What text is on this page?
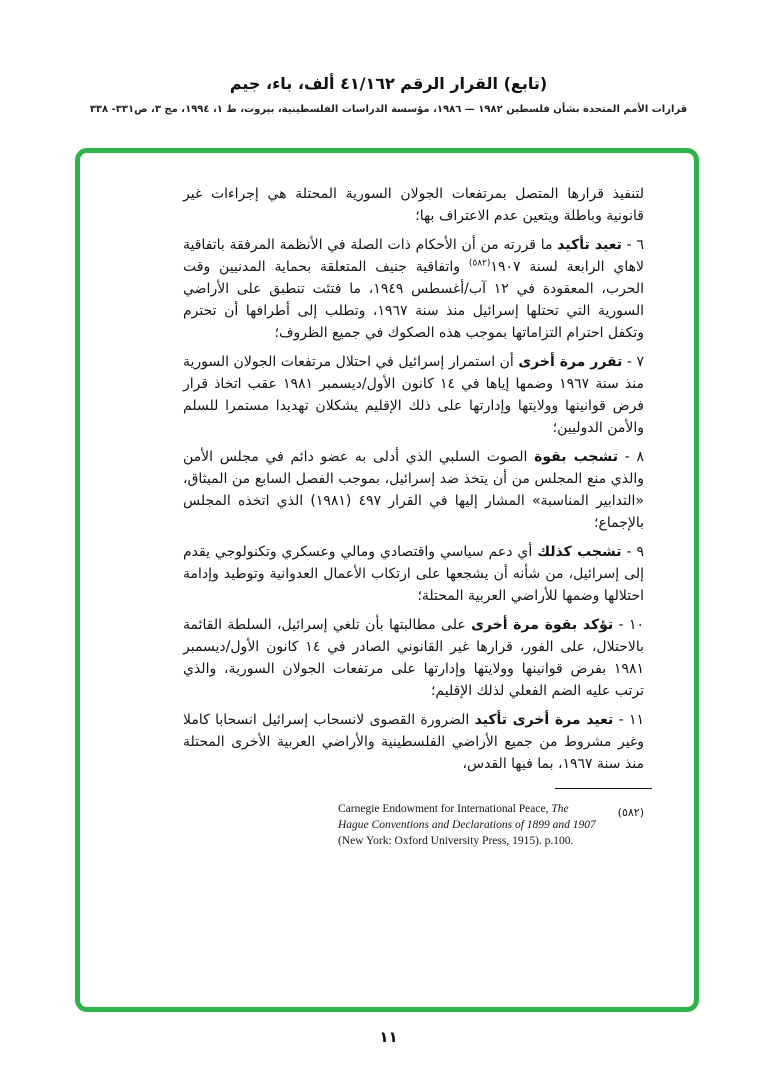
(تابع) القرار الرقم ٤١/١٦٢ ألف، باء، جيم
قرارات الأمم المتحدة بشأن فلسطين ١٩٨٢ — ١٩٨٦، مؤسسة الدراسات الفلسطينية، بيروت، ط ١، ١٩٩٤، مج ٣، ص٣٣١- ٣٣٨

لتنفيذ قرارها المتصل بمرتفعات الجولان السورية المحتلة هي إجراءات غير قانونية وباطلة ويتعين عدم الاعتراف بها؛

٦ - تعيد تأكيد ما قررته من أن الأحكام ذات الصلة في الأنظمة المرفقة باتفاقية لاهاي الرابعة لسنة ١٩٠٧$^{(٥٨٢)}$ واتفاقية جنيف المتعلقة بحماية المدنيين وقت الحرب، المعقودة في ١٢ آب/أغسطس ١٩٤٩، ما فتئت تنطبق على الأراضي السورية التي تحتلها إسرائيل منذ سنة ١٩٦٧، وتطلب إلى أطرافها أن تحترم وتكفل احترام التزاماتها بموجب هذه الصكوك في جميع الظروف؛

٧ - تقرر مرة أخرى أن استمرار إسرائيل في احتلال مرتفعات الجولان السورية منذ سنة ١٩٦٧ وضمها إياها في ١٤ كانون الأول/ديسمبر ١٩٨١ عقب اتخاذ قرار فرض قوانينها وولايتها وإدارتها على ذلك الإقليم يشكلان تهديدا مستمرا للسلم والأمن الدوليين؛

٨ - تشجب بقوة الصوت السلبي الذي أدلى به عضو دائم في مجلس الأمن والذي منع المجلس من أن يتخذ ضد إسرائيل، بموجب الفصل السابع من الميثاق، «التدابير المناسبة» المشار إليها في القرار ٤٩٧ (١٩٨١) الذي اتخذه المجلس بالإجماع؛

٩ - تشجب كذلك أي دعم سياسي واقتصادي ومالي وعسكري وتكنولوجي يقدم إلى إسرائيل، من شأنه أن يشجعها على ارتكاب الأعمال العدوانية وتوطيد وإدامة احتلالها وضمها للأراضي العربية المحتلة؛

١٠ - تؤكد بقوة مرة أخرى على مطالبتها بأن تلغي إسرائيل، السلطة القائمة بالاحتلال، على الفور، قرارها غير القانوني الصادر في ١٤ كانون الأول/ديسمبر ١٩٨١ بفرض قوانينها وولايتها وإدارتها على مرتفعات الجولان السورية، والذي ترتب عليه الضم الفعلي لذلك الإقليم؛

١١ - تعيد مرة أخرى تأكيد الضرورة القصوى لانسحاب إسرائيل انسحابا كاملا وغير مشروط من جميع الأراضي الفلسطينية والأراضي العربية الأخرى المحتلة منذ سنة ١٩٦٧، بما فيها القدس،

(٥٨٢)
Carnegie Endowment for International Peace, The Hague Conventions and Declarations of 1899 and 1907 (New York: Oxford University Press, 1915). p.100.
١١
